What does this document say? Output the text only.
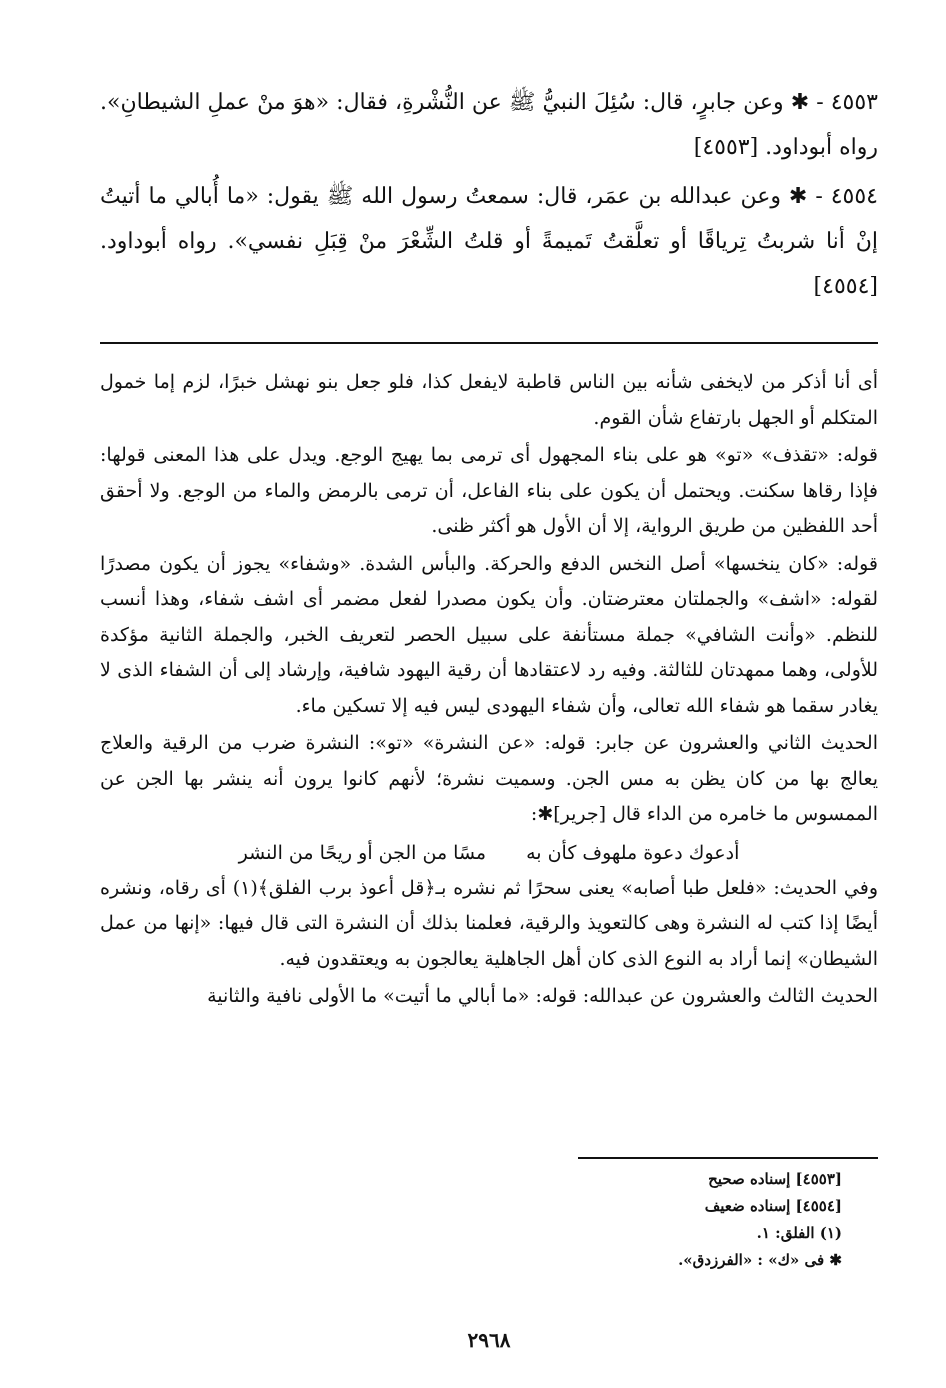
٤٥٥٣ - ✱ وعن جابرٍ، قال: سُئِلَ النبيُّ ﷺ عن النُّشْرةِ، فقال: «هوَ منْ عملِ الشيطانِ». رواه أبوداود. [٤٥٥٣]

٤٥٥٤ - ✱ وعن عبدالله بن عمَر، قال: سمعتُ رسول الله ﷺ يقول: «ما أُبالي ما أتيتُ إنْ أنا شربتُ تِرياقًا أو تعلَّقتُ تَميمةً أو قلتُ الشِّعْرَ منْ قِبَلِ نفسي». رواه أبوداود. [٤٥٥٤]

أى أنا أذكر من لايخفى شأنه بين الناس قاطبة لايفعل كذا، فلو جعل بنو نهشل خبرًا، لزم إما خمول المتكلم أو الجهل بارتفاع شأن القوم.

قوله: «تقذف» «تو» هو على بناء المجهول أى ترمى بما يهيج الوجع. ويدل على هذا المعنى قولها: فإذا رقاها سكنت. ويحتمل أن يكون على بناء الفاعل، أن ترمى بالرمض والماء من الوجع. ولا أحقق أحد اللفظين من طريق الرواية، إلا أن الأول هو أكثر ظنى.

قوله: «كان ينخسها» أصل النخس الدفع والحركة. والبأس الشدة. «وشفاء» يجوز أن يكون مصدرًا لقوله: «اشف» والجملتان معترضتان. وأن يكون مصدرا لفعل مضمر أى اشف شفاء، وهذا أنسب للنظم. «وأنت الشافي» جملة مستأنفة على سبيل الحصر لتعريف الخبر، والجملة الثانية مؤكدة للأولى، وهما ممهدتان للثالثة. وفيه رد لاعتقادها أن رقية اليهود شافية، وإرشاد إلى أن الشفاء الذى لا يغادر سقما هو شفاء الله تعالى، وأن شفاء اليهودى ليس فيه إلا تسكين ماء.

الحديث الثاني والعشرون عن جابر: قوله: «عن النشرة» «تو»: النشرة ضرب من الرقية والعلاج يعالج بها من كان يظن به مس الجن. وسميت نشرة؛ لأنهم كانوا يرون أنه ينشر بها الجن عن الممسوس ما خامره من الداء قال [جرير]✱:

أدعوك دعوة ملهوف كأن به
مسًا من الجن أو ريحًا من النشر

وفي الحديث: «فلعل طبا أصابه» يعنى سحرًا ثم نشره بـ﴿قل أعوذ برب الفلق﴾(١) أى رقاه، ونشره أيضًا إذا كتب له النشرة وهى كالتعويذ والرقية، فعلمنا بذلك أن النشرة التى قال فيها: «إنها من عمل الشيطان» إنما أراد به النوع الذى كان أهل الجاهلية يعالجون به ويعتقدون فيه.

الحديث الثالث والعشرون عن عبدالله: قوله: «ما أبالي ما أتيت» ما الأولى نافية والثانية

[٤٥٥٣] إسناده صحيح
[٤٥٥٤] إسناده ضعيف
(١) الفلق: ١.
✱ فى «ك» : «الفرزدق».
٢٩٦٨
